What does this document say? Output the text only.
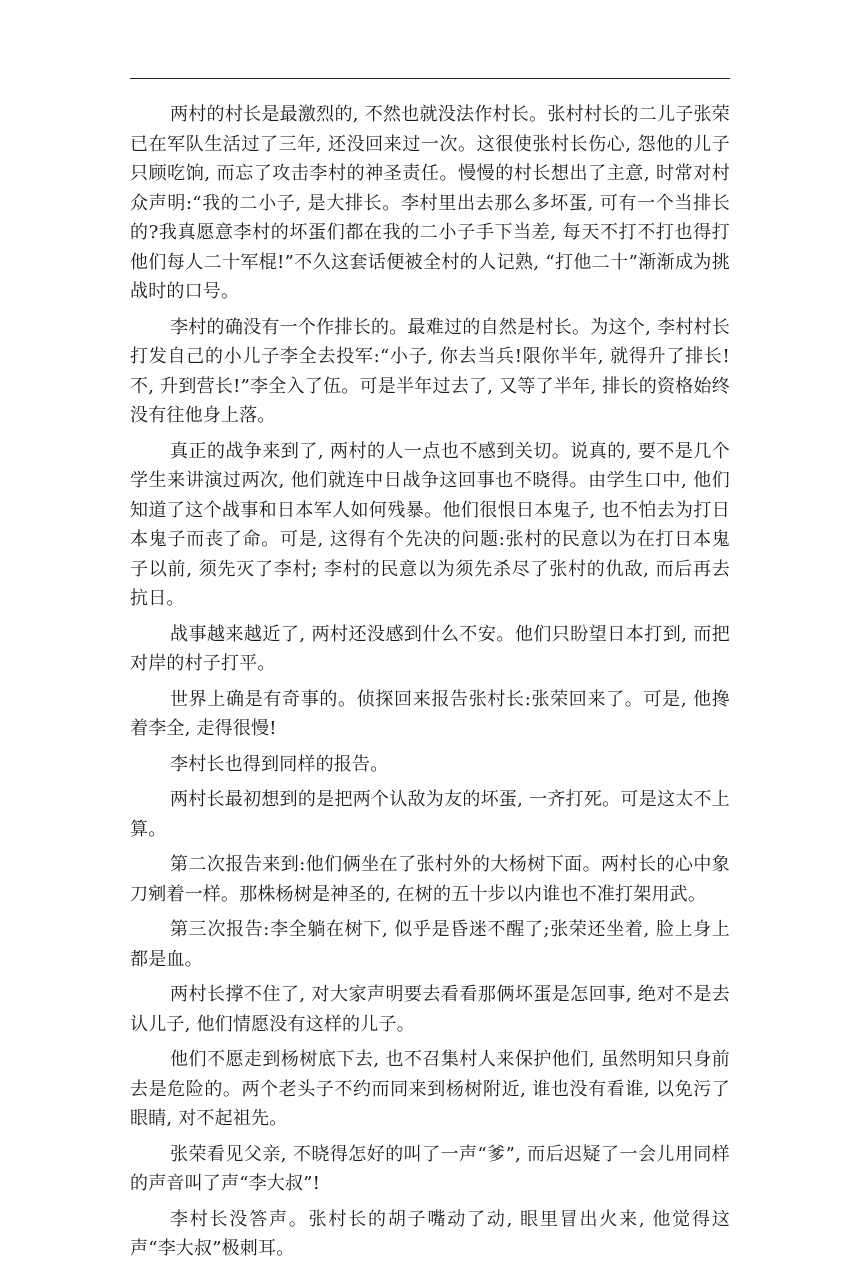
两村的村长是最激烈的, 不然也就没法作村长。张村村长的二儿子张荣已在军队生活过了三年, 还没回来过一次。这很使张村长伤心, 怨他的儿子只顾吃饷, 而忘了攻击李村的神圣责任。慢慢的村长想出了主意, 时常对村众声明:“我的二小子, 是大排长。李村里出去那么多坏蛋, 可有一个当排长的?我真愿意李村的坏蛋们都在我的二小子手下当差, 每天不打不打也得打他们每人二十军棍!”不久这套话便被全村的人记熟, “打他二十”渐渐成为挑战时的口号。

李村的确没有一个作排长的。最难过的自然是村长。为这个, 李村村长打发自己的小儿子李全去投军:“小子, 你去当兵!限你半年, 就得升了排长!不, 升到营长!”李全入了伍。可是半年过去了, 又等了半年, 排长的资格始终没有往他身上落。

真正的战争来到了, 两村的人一点也不感到关切。说真的, 要不是几个学生来讲演过两次, 他们就连中日战争这回事也不晓得。由学生口中, 他们知道了这个战事和日本军人如何残暴。他们很恨日本鬼子, 也不怕去为打日本鬼子而丧了命。可是, 这得有个先决的问题:张村的民意以为在打日本鬼子以前, 须先灭了李村; 李村的民意以为须先杀尽了张村的仇敌, 而后再去抗日。

战事越来越近了, 两村还没感到什么不安。他们只盼望日本打到, 而把对岸的村子打平。

世界上确是有奇事的。侦探回来报告张村长:张荣回来了。可是, 他搀着李全, 走得很慢!

李村长也得到同样的报告。

两村长最初想到的是把两个认敌为友的坏蛋, 一齐打死。可是这太不上算。

第二次报告来到:他们俩坐在了张村外的大杨树下面。两村长的心中象刀剜着一样。那株杨树是神圣的, 在树的五十步以内谁也不准打架用武。

第三次报告:李全躺在树下, 似乎是昏迷不醒了;张荣还坐着, 脸上身上都是血。

两村长撑不住了, 对大家声明要去看看那俩坏蛋是怎回事, 绝对不是去认儿子, 他们情愿没有这样的儿子。

他们不愿走到杨树底下去, 也不召集村人来保护他们, 虽然明知只身前去是危险的。两个老头子不约而同来到杨树附近, 谁也没有看谁, 以免污了眼睛, 对不起祖先。

张荣看见父亲, 不晓得怎好的叫了一声“爹”, 而后迟疑了一会儿用同样的声音叫了声“李大叔”!

李村长没答声。张村长的胡子嘴动了动, 眼里冒出火来, 他觉得这声“李大叔”极刺耳。
